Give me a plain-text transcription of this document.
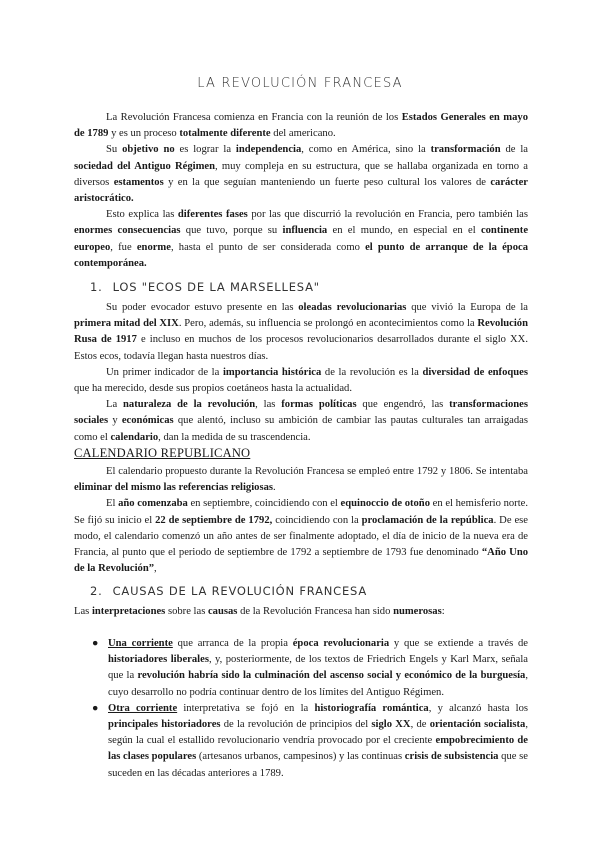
LA REVOLUCIÓN FRANCESA

La Revolución Francesa comienza en Francia con la reunión de los Estados Generales en mayo de 1789 y es un proceso totalmente diferente del americano.

Su objetivo no es lograr la independencia, como en América, sino la transformación de la sociedad del Antiguo Régimen, muy compleja en su estructura, que se hallaba organizada en torno a diversos estamentos y en la que seguían manteniendo un fuerte peso cultural los valores de carácter aristocrático.

Esto explica las diferentes fases por las que discurrió la revolución en Francia, pero también las enormes consecuencias que tuvo, porque su influencia en el mundo, en especial en el continente europeo, fue enorme, hasta el punto de ser considerada como el punto de arranque de la época contemporánea.

1. LOS "ECOS DE LA MARSELLESA"

Su poder evocador estuvo presente en las oleadas revolucionarias que vivió la Europa de la primera mitad del XIX. Pero, además, su influencia se prolongó en acontecimientos como la Revolución Rusa de 1917 e incluso en muchos de los procesos revolucionarios desarrollados durante el siglo XX. Estos ecos, todavía llegan hasta nuestros días.

Un primer indicador de la importancia histórica de la revolución es la diversidad de enfoques que ha merecido, desde sus propios coetáneos hasta la actualidad.

La naturaleza de la revolución, las formas políticas que engendró, las transformaciones sociales y económicas que alentó, incluso su ambición de cambiar las pautas culturales tan arraigadas como el calendario, dan la medida de su trascendencia.

CALENDARIO REPUBLICANO

El calendario propuesto durante la Revolución Francesa se empleó entre 1792 y 1806. Se intentaba eliminar del mismo las referencias religiosas.

El año comenzaba en septiembre, coincidiendo con el equinoccio de otoño en el hemisferio norte. Se fijó su inicio el 22 de septiembre de 1792, coincidiendo con la proclamación de la república. De ese modo, el calendario comenzó un año antes de ser finalmente adoptado, el día de inicio de la nueva era de Francia, al punto que el periodo de septiembre de 1792 a septiembre de 1793 fue denominado “Año Uno de la Revolución”,

2. CAUSAS DE LA REVOLUCIÓN FRANCESA

Las interpretaciones sobre las causas de la Revolución Francesa han sido numerosas:

● Una corriente que arranca de la propia época revolucionaria y que se extiende a través de historiadores liberales, y, posteriormente, de los textos de Friedrich Engels y Karl Marx, señala que la revolución habría sido la culminación del ascenso social y económico de la burguesía, cuyo desarrollo no podría continuar dentro de los límites del Antiguo Régimen.
● Otra corriente interpretativa se fojó en la historiografía romántica, y alcanzó hasta los principales historiadores de la revolución de principios del siglo XX, de orientación socialista, según la cual el estallido revolucionario vendría provocado por el creciente empobrecimiento de las clases populares (artesanos urbanos, campesinos) y las continuas crisis de subsistencia que se suceden en las décadas anteriores a 1789.
